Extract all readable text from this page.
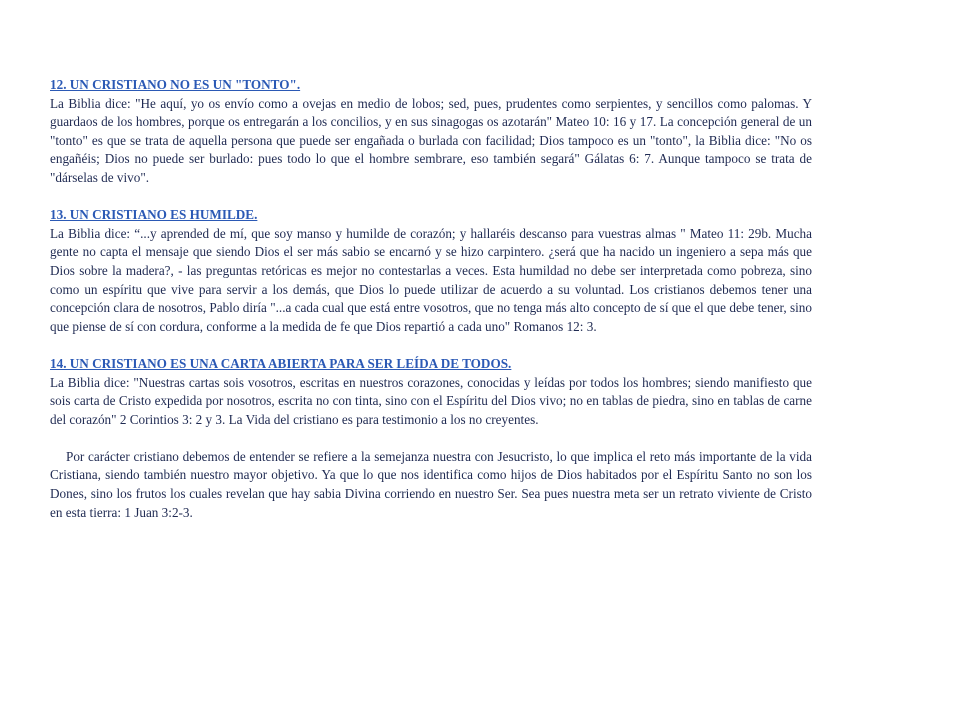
12. UN CRISTIANO NO ES UN "TONTO".

La Biblia dice: "He aquí, yo os envío como a ovejas en medio de lobos; sed, pues, prudentes como serpientes, y sencillos como palomas. Y guardaos de los hombres, porque os entregarán a los concilios, y en sus sinagogas os azotarán" Mateo 10: 16 y 17. La concepción general de un "tonto" es que se trata de aquella persona que puede ser engañada o burlada con facilidad; Dios tampoco es un "tonto", la Biblia dice: "No os engañéis; Dios no puede ser burlado: pues todo lo que el hombre sembrare, eso también segará" Gálatas 6: 7. Aunque tampoco se trata de "dárselas de vivo".

13. UN CRISTIANO ES HUMILDE.

La Biblia dice: “...y aprended de mí, que soy manso y humilde de corazón; y hallaréis descanso para vuestras almas " Mateo 11: 29b. Mucha gente no capta el mensaje que siendo Dios el ser más sabio se encarnó y se hizo carpintero. ¿será que ha nacido un ingeniero a sepa más que Dios sobre la madera?, - las preguntas retóricas es mejor no contestarlas a veces. Esta humildad no debe ser interpretada como pobreza, sino como un espíritu que vive para servir a los demás, que Dios lo puede utilizar de acuerdo a su voluntad. Los cristianos debemos tener una concepción clara de nosotros, Pablo diría "...a cada cual que está entre vosotros, que no tenga más alto concepto de sí que el que debe tener, sino que piense de sí con cordura, conforme a la medida de fe que Dios repartió a cada uno" Romanos 12: 3.

14. UN CRISTIANO ES UNA CARTA ABIERTA PARA SER LEÍDA DE TODOS.

La Biblia dice: "Nuestras cartas sois vosotros, escritas en nuestros corazones, conocidas y leídas por todos los hombres; siendo manifiesto que sois carta de Cristo expedida por nosotros, escrita no con tinta, sino con el Espíritu del Dios vivo; no en tablas de piedra, sino en tablas de carne del corazón" 2 Corintios 3: 2 y 3. La Vida del cristiano es para testimonio a los no creyentes.

Por carácter cristiano debemos de entender se refiere a la semejanza nuestra con Jesucristo, lo que implica el reto más importante de la vida Cristiana, siendo también nuestro mayor objetivo. Ya que lo que nos identifica como hijos de Dios habitados por el Espíritu Santo no son los Dones, sino los frutos los cuales revelan que hay sabia Divina corriendo en nuestro Ser. Sea pues nuestra meta ser un retrato viviente de Cristo en esta tierra: 1 Juan 3:2-3.
